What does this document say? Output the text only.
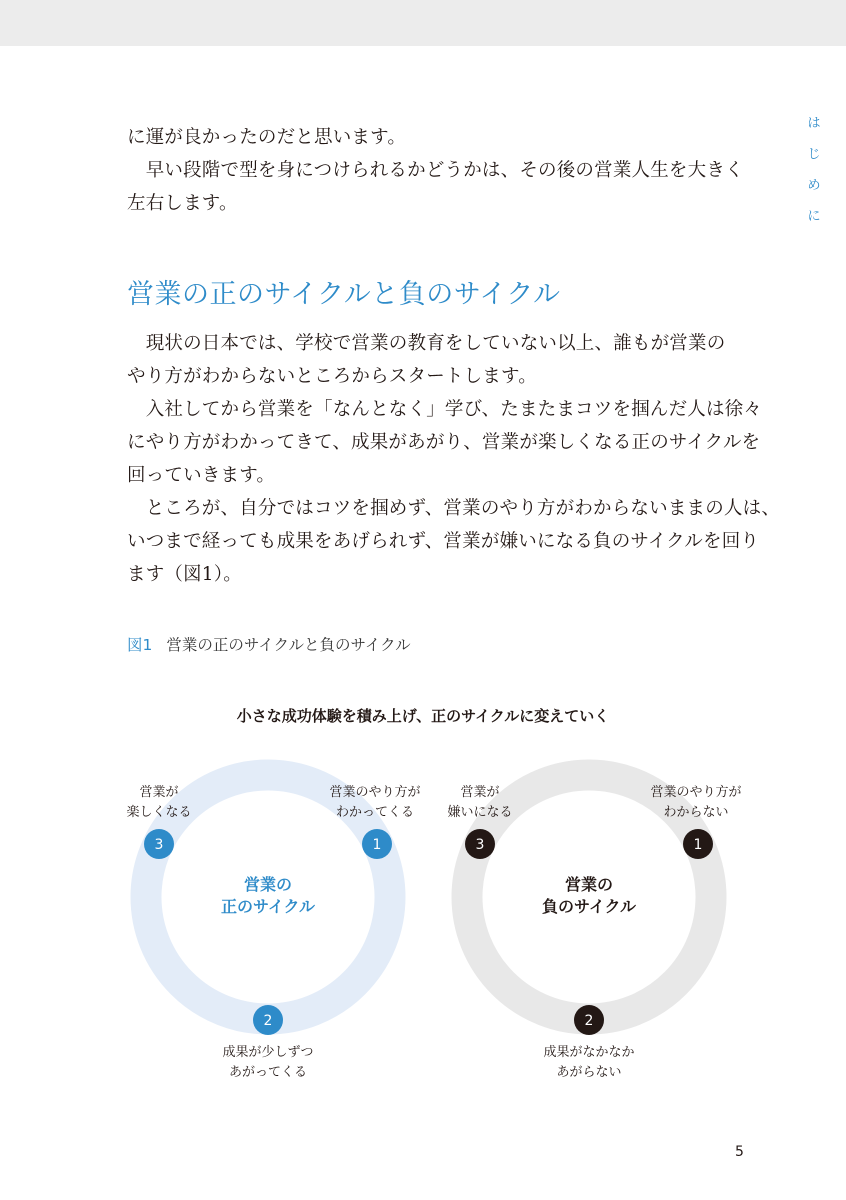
は
じ
め
に

に運が良かったのだと思います。

　早い段階で型を身につけられるかどうかは、その後の営業人生を大きく

左右します。

営業の正のサイクルと負のサイクル

　現状の日本では、学校で営業の教育をしていない以上、誰もが営業の

やり方がわからないところからスタートします。

　入社してから営業を「なんとなく」学び、たまたまコツを掴んだ人は徐々

にやり方がわかってきて、成果があがり、営業が楽しくなる正のサイクルを

回っていきます。

　ところが、自分ではコツを掴めず、営業のやり方がわからないままの人は、

いつまで経っても成果をあげられず、営業が嫌いになる負のサイクルを回り

ます（図1）。

図1 営業の正のサイクルと負のサイクル
小さな成功体験を積み上げ、正のサイクルに変えていく
営業の
正のサイクル
1
2
3
営業のやり方が
わかってくる
成果が少しずつ
あがってくる
営業が
楽しくなる
営業の
負のサイクル
1
2
3
営業のやり方が
わからない
成果がなかなか
あがらない
営業が
嫌いになる
5
